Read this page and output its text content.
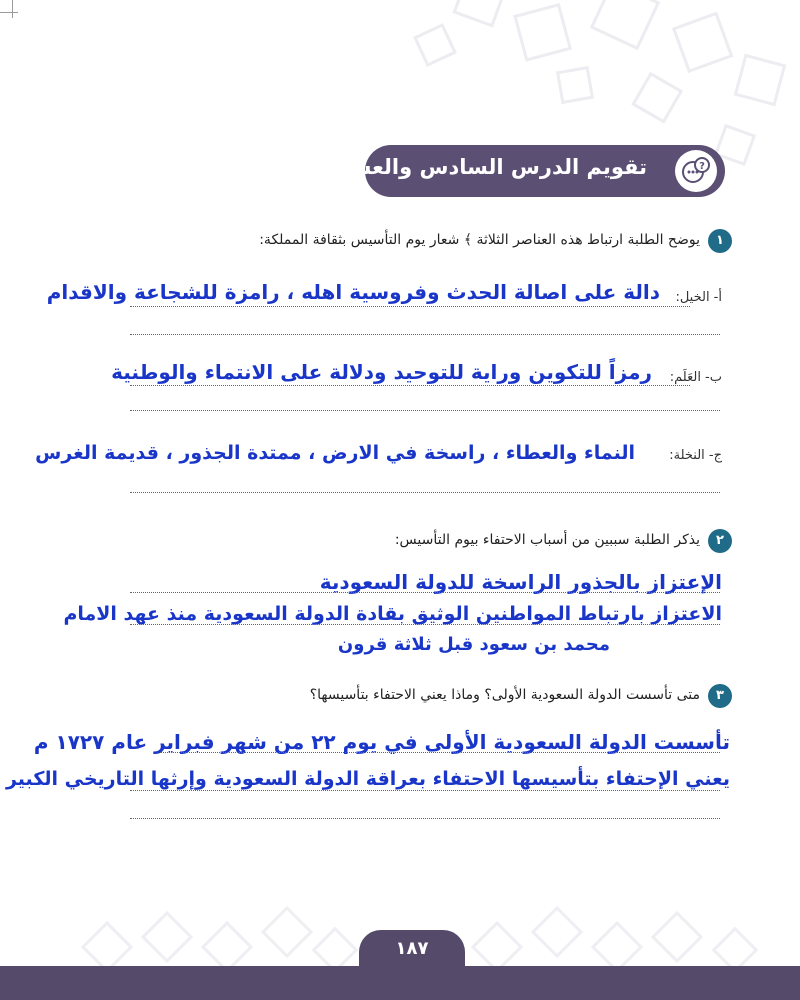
?
تقويم الدرس السادس والعشرون
١
يوضح الطلبة ارتباط هذه العناصر الثلاثة ﴾ شعار يوم التأسيس بثقافة المملكة:
أ- الخيل:
دالة على اصالة الحدث وفروسية اهله ، رامزة للشجاعة والاقدام
ب- العَلَم:
رمزاً للتكوين وراية للتوحيد ودلالة على الانتماء والوطنية
ج- النخلة:
النماء والعطاء ، راسخة في الارض ، ممتدة الجذور ، قديمة الغرس
٢
يذكر الطلبة سببين من أسباب الاحتفاء بيوم التأسيس:
الإعتزاز بالجذور الراسخة للدولة السعودية
الاعتزاز بارتباط المواطنين الوثيق بقادة الدولة السعودية منذ عهد الامام
محمد بن سعود قبل ثلاثة قرون
٣
متى تأسست الدولة السعودية الأولى؟ وماذا يعني الاحتفاء بتأسيسها؟
تأسست الدولة السعودية الأولى في يوم ٢٢ من شهر فبراير عام ١٧٢٧ م
يعني الإحتفاء بتأسيسها الاحتفاء بعراقة الدولة السعودية وإرثها التاريخي الكبير
١٨٧
